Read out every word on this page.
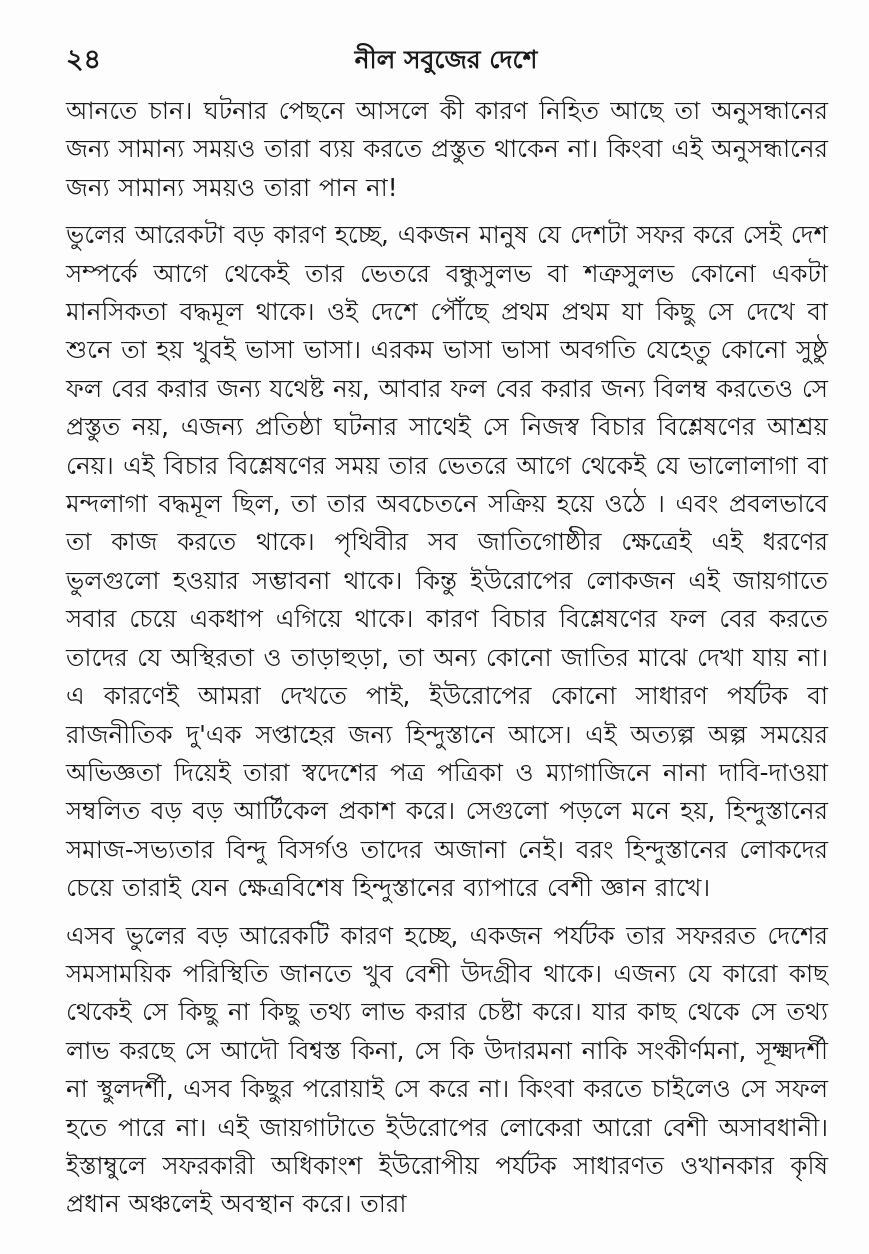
২৪	নীল সবুজের দেশে

আনতে চান। ঘটনার পেছনে আসলে কী কারণ নিহিত আছে তা অনুসন্ধানের জন্য সামান্য সময়ও তারা ব্যয় করতে প্রস্তুত থাকেন না। কিংবা এই অনুসন্ধানের জন্য সামান্য সময়ও তারা পান না!

ভুলের আরেকটা বড় কারণ হচ্ছে, একজন মানুষ যে দেশটা সফর করে সেই দেশ সম্পর্কে আগে থেকেই তার ভেতরে বন্ধুসুলভ বা শত্রুসুলভ কোনো একটা মানসিকতা বদ্ধমূল থাকে। ওই দেশে পৌঁছে প্রথম প্রথম যা কিছু সে দেখে বা শুনে তা হয় খুবই ভাসা ভাসা। এরকম ভাসা ভাসা অবগতি যেহেতু কোনো সুষ্ঠু ফল বের করার জন্য যথেষ্ট নয়, আবার ফল বের করার জন্য বিলম্ব করতেও সে প্রস্তুত নয়, এজন্য প্রতিষ্ঠা ঘটনার সাথেই সে নিজস্ব বিচার বিশ্লেষণের আশ্রয় নেয়। এই বিচার বিশ্লেষণের সময় তার ভেতরে আগে থেকেই যে ভালোলাগা বা মন্দলাগা বদ্ধমূল ছিল, তা তার অবচেতনে সক্রিয় হয়ে ওঠে । এবং প্রবলভাবে তা কাজ করতে থাকে। পৃথিবীর সব জাতিগোষ্ঠীর ক্ষেত্রেই এই ধরণের ভুলগুলো হওয়ার সম্ভাবনা থাকে। কিন্তু ইউরোপের লোকজন এই জায়গাতে সবার চেয়ে একধাপ এগিয়ে থাকে। কারণ বিচার বিশ্লেষণের ফল বের করতে তাদের যে অস্থিরতা ও তাড়াহুড়া, তা অন্য কোনো জাতির মাঝে দেখা যায় না। এ কারণেই আমরা দেখতে পাই, ইউরোপের কোনো সাধারণ পর্যটক বা রাজনীতিক দু'এক সপ্তাহের জন্য হিন্দুস্তানে আসে। এই অত্যল্প অল্প সময়ের অভিজ্ঞতা দিয়েই তারা স্বদেশের পত্র পত্রিকা ও ম্যাগাজিনে নানা দাবি-দাওয়া সম্বলিত বড় বড় আর্টিকেল প্রকাশ করে। সেগুলো পড়লে মনে হয়, হিন্দুস্তানের সমাজ-সভ্যতার বিন্দু বিসর্গও তাদের অজানা নেই। বরং হিন্দুস্তানের লোকদের চেয়ে তারাই যেন ক্ষেত্রবিশেষ হিন্দুস্তানের ব্যাপারে বেশী জ্ঞান রাখে।

এসব ভুলের বড় আরেকটি কারণ হচ্ছে, একজন পর্যটক তার সফররত দেশের সমসাময়িক পরিস্থিতি জানতে খুব বেশী উদগ্রীব থাকে। এজন্য যে কারো কাছ থেকেই সে কিছু না কিছু তথ্য লাভ করার চেষ্টা করে। যার কাছ থেকে সে তথ্য লাভ করছে সে আদৌ বিশ্বস্ত কিনা, সে কি উদারমনা নাকি সংকীর্ণমনা, সূক্ষ্মদর্শী না স্থুলদর্শী, এসব কিছুর পরোয়াই সে করে না। কিংবা করতে চাইলেও সে সফল হতে পারে না। এই জায়গাটাতে ইউরোপের লোকেরা আরো বেশী অসাবধানী। ইস্তাম্বুলে সফরকারী অধিকাংশ ইউরোপীয় পর্যটক সাধারণত ওখানকার কৃষি প্রধান অঞ্চলেই অবস্থান করে। তারা
